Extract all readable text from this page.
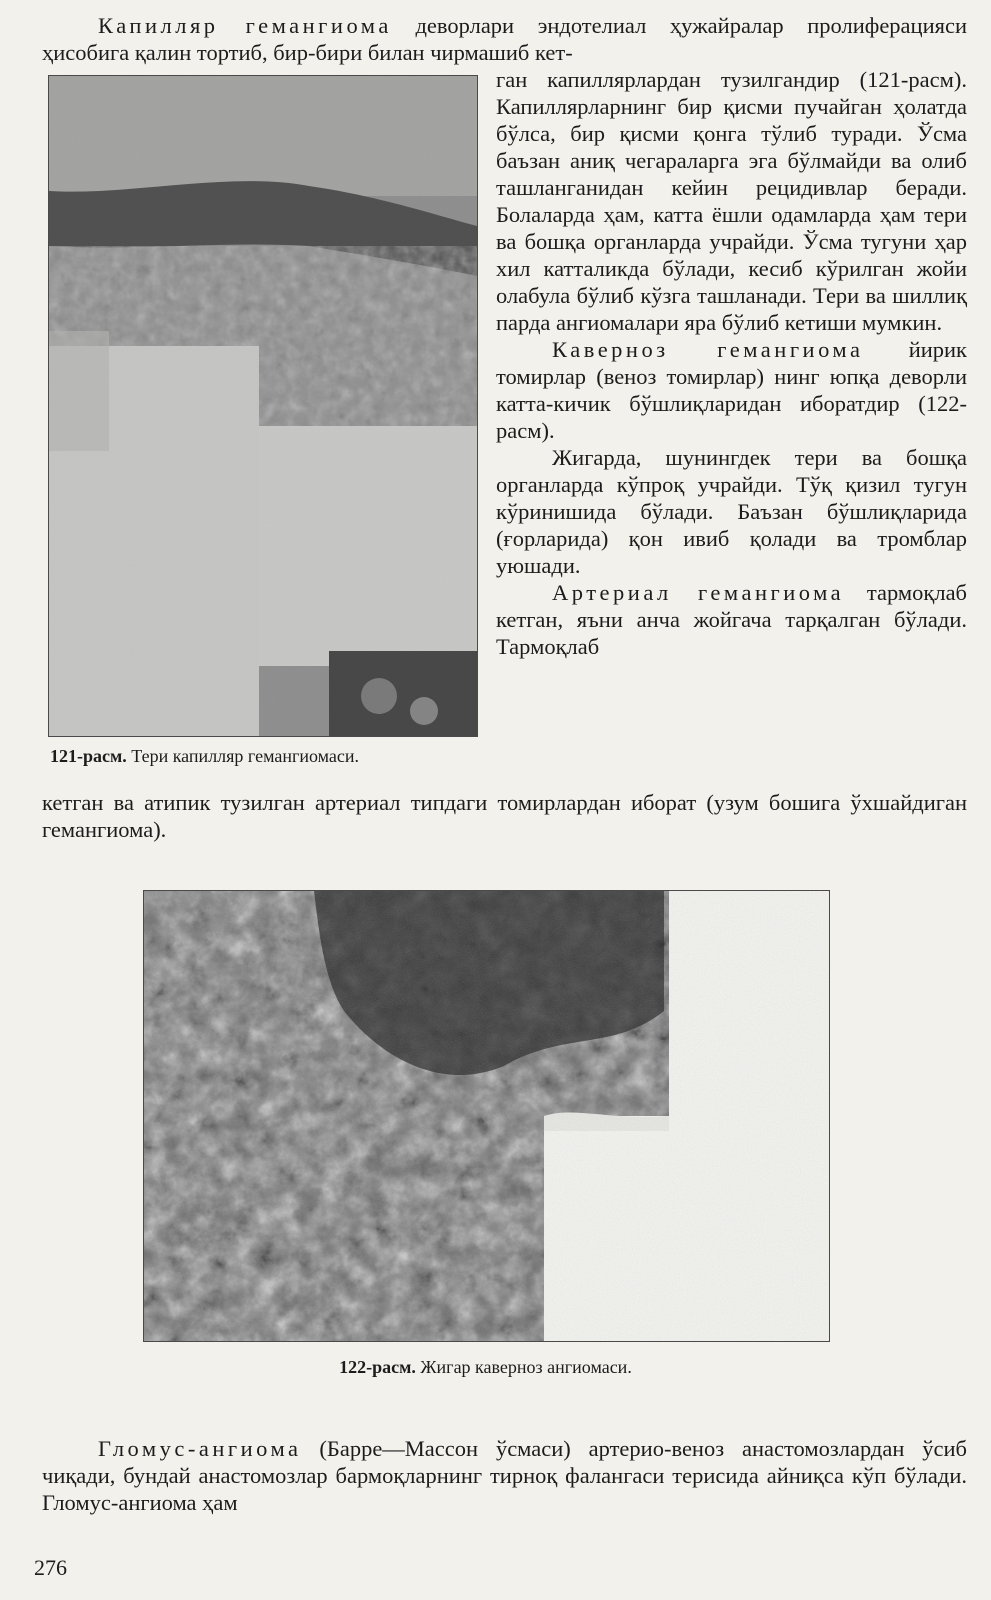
Капилляр гемангиома деворлари эндотелиал ҳужайралар пролиферацияси ҳисобига қалин тортиб, бир-бири билан чирмашиб кет-

121-расм. Тери капилляр гемангиомаси.

ган капиллярлардан тузилгандир (121-расм). Капиллярларнинг бир қисми пучайган ҳолатда бўлса, бир қисми қонга тўлиб туради. Ўсма баъзан аниқ чегараларга эга бўлмайди ва олиб ташланганидан кейин рецидивлар беради. Болаларда ҳам, катта ёшли одамларда ҳам тери ва бошқа органларда учрайди. Ўсма тугуни ҳар хил катталикда бўлади, кесиб кўрилган жойи олабула бўлиб кўзга ташланади. Тери ва шиллиқ парда ангиомалари яра бўлиб кетиши мумкин.

Кавернoз гемангиома йирик томирлар (веноз томирлар) нинг юпқа деворли катта-кичик бўшлиқларидан иборатдир (122-расм).

Жигарда, шунингдек тери ва бошқа органларда кўпроқ учрайди. Тўқ қизил тугун кўринишида бўлади. Баъзан бўшлиқларида (ғорларида) қон ивиб қолади ва тромблар уюшади.

Артериал гемангиома тармоқлаб кетган, яъни анча жойгача тарқалган бўлади. Тармоқлаб

кетган ва атипик тузилган артериал типдаги томирлардан иборат (узум бошига ўхшайдиган гемангиома).

122-расм. Жигар каверноз ангиомаси.

Гломус-ангиома (Барре—Массон ўсмаси) артерио-веноз анастомозлардан ўсиб чиқади, бундай анастомозлар бармоқларнинг тирноқ фалангаси терисида айниқса кўп бўлади. Гломус-ангиома ҳам

276
